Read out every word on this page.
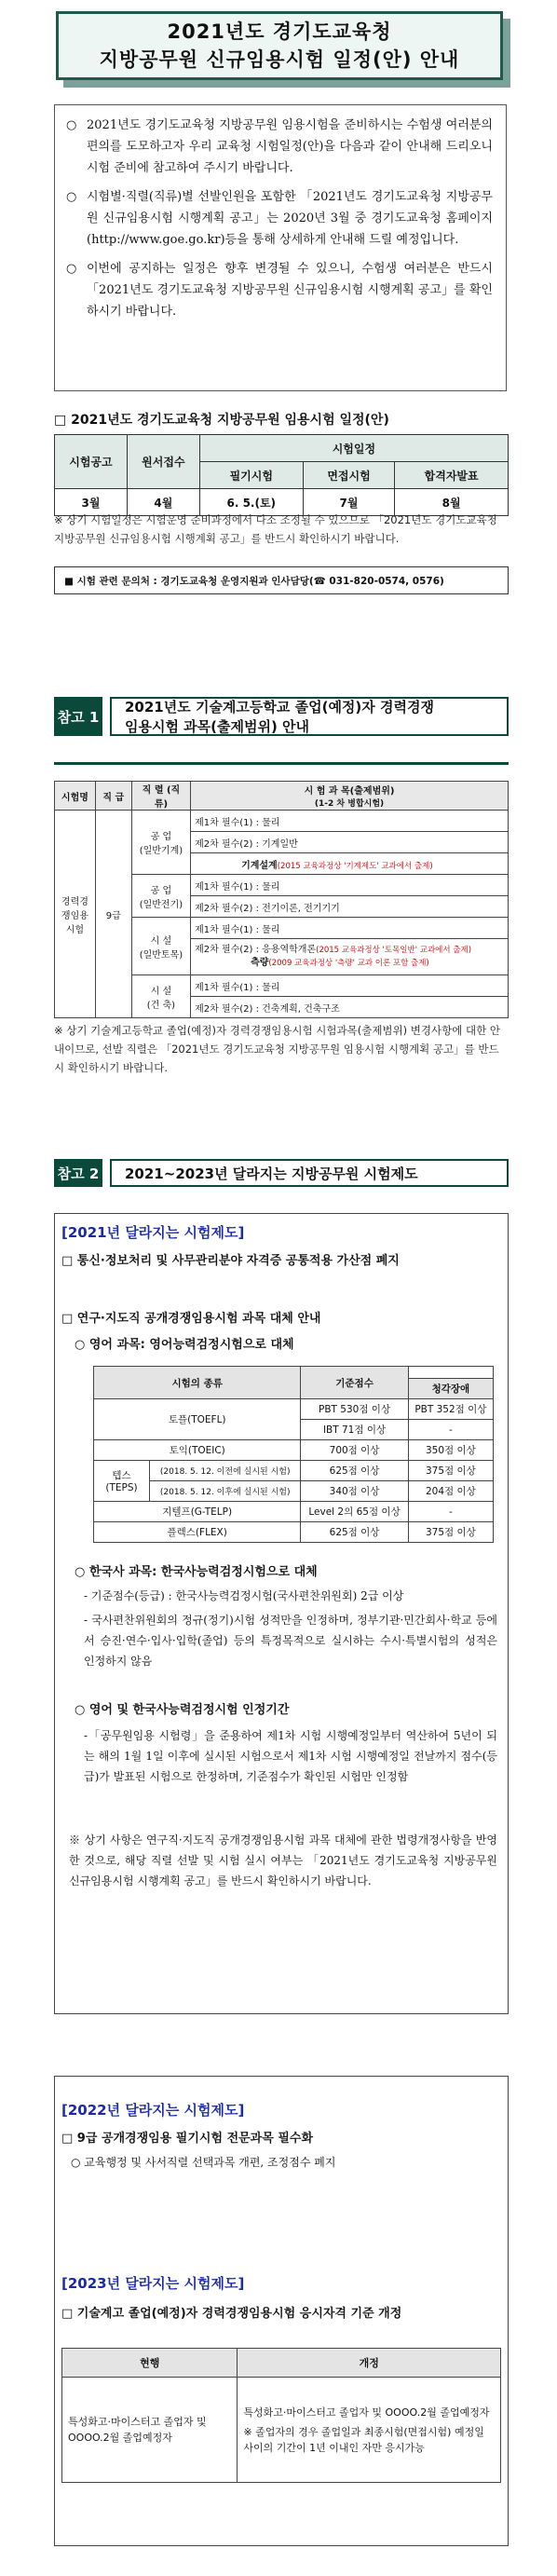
2021년도 경기도교육청
지방공무원 신규임용시험 일정(안) 안내
○ 2021년도 경기도교육청 지방공무원 임용시험을 준비하시는 수험생 여러분의 편의를 도모하고자 우리 교육청 시험일정(안)을 다음과 같이 안내해 드리오니 시험 준비에 참고하여 주시기 바랍니다.
○ 시험별·직렬(직류)별 선발인원을 포함한 「2021년도 경기도교육청 지방공무원 신규임용시험 시행계획 공고」는 2020년 3월 중 경기도교육청 홈페이지(http://www.goe.go.kr)등을 통해 상세하게 안내해 드릴 예정입니다.
○ 이번에 공지하는 일정은 향후 변경될 수 있으니, 수험생 여러분은 반드시 「2021년도 경기도교육청 지방공무원 신규임용시험 시행계획 공고」를 확인하시기 바랍니다.
□ 2021년도 경기도교육청 지방공무원 임용시험 일정(안)
시험공고	원서접수	시험일정		
		필기시험	면접시험	합격자발표
3월	4월	6. 5.(토)	7월	8월
※ 상기 시험일정은 시험운영 준비과정에서 다소 조정될 수 있으므로 「2021년도 경기도교육청 지방공무원 신규임용시험 시행계획 공고」를 반드시 확인하시기 바랍니다.
■ 시험 관련 문의처 : 경기도교육청 운영지원과 인사담당(☎ 031-820-0574, 0576)
참고 1
2021년도 기술계고등학교 졸업(예정)자 경력경쟁
임용시험 과목(출제범위) 안내
시험명	직 급	직 렬 (직 류)	시 험 과 목(출제범위)
(1-2 차 병합시험)
경력경쟁임용시험	9급	공 업
(일반기계)	제1차 필수(1) : 물리
			제2차 필수(2) : 기계일반
			기계설계(2015 교육과정상 '기계제도' 교과에서 출제)
		공 업
(일반전기)	제1차 필수(1) : 물리
			제2차 필수(2) : 전기이론, 전기기기
		시 설
(일반토목)	제1차 필수(1) : 물리
			제2차 필수(2) : 응용역학개론(2015 교육과정상 '토목일반' 교과에서 출제)
측량(2009 교육과정상 '측량' 교과 이론 포함 출제)
		시 설
(건 축)	제1차 필수(1) : 물리
			제2차 필수(2) : 건축계획, 건축구조
※ 상기 기술계고등학교 졸업(예정)자 경력경쟁임용시험 시험과목(출제범위) 변경사항에 대한 안내이므로, 선발 직렬은 「2021년도 경기도교육청 지방공무원 임용시험 시행계획 공고」를 반드시 확인하시기 바랍니다.
참고 2	2021~2023년 달라지는 지방공무원 시험제도
[2021년 달라지는 시험제도]
□ 통신·정보처리 및 사무관리분야 자격증 공통적용 가산점 폐지
□ 연구·지도직 공개경쟁임용시험 과목 대체 안내
○ 영어 과목: 영어능력검정시험으로 대체
시험의 종류		기준점수	
			청각장애
토플(TOEFL)		PBT 530점 이상	PBT 352점 이상
		IBT 71점 이상	-
토익(TOEIC)		700점 이상	350점 이상
텝스 (TEPS)	(2018. 5. 12. 이전에 실시된 시험)	625점 이상	375점 이상
	(2018. 5. 12. 이후에 실시된 시험)	340점 이상	204점 이상
지텔프(G-TELP)		Level 2의 65점 이상	-
플렉스(FLEX)		625점 이상	375점 이상
○ 한국사 과목: 한국사능력검정시험으로 대체
- 기준점수(등급) : 한국사능력검정시험(국사편찬위원회) 2급 이상
- 국사편찬위원회의 정규(정기)시험 성적만을 인정하며, 정부기관·민간회사·학교 등에서 승진·연수·입사·입학(졸업) 등의 특정목적으로 실시하는 수시·특별시험의 성적은 인정하지 않음
○ 영어 및 한국사능력검정시험 인정기간
-「공무원임용 시험령」을 준용하여 제1차 시험 시행예정일부터 역산하여 5년이 되는 해의 1월 1일 이후에 실시된 시험으로서 제1차 시험 시행예정일 전날까지 점수(등급)가 발표된 시험으로 한정하며, 기준점수가 확인된 시험만 인정함
※ 상기 사항은 연구직·지도직 공개경쟁임용시험 과목 대체에 관한 법령개정사항을 반영한 것으로, 해당 직렬 선발 및 시험 실시 여부는 「2021년도 경기도교육청 지방공무원 신규임용시험 시행계획 공고」를 반드시 확인하시기 바랍니다.
[2022년 달라지는 시험제도]
□ 9급 공개경쟁임용 필기시험 전문과목 필수화
○ 교육행정 및 사서직렬 선택과목 개편, 조정점수 폐지
[2023년 달라지는 시험제도]
□ 기술계고 졸업(예정)자 경력경쟁임용시험 응시자격 기준 개정
현행	개정
특성화고·마이스터고 졸업자 및 OOOO.2월 졸업예정자	특성화고·마이스터고 졸업자 및 OOOO.2월 졸업예정자
※ 졸업자의 경우 졸업일과 최종시험(면접시험) 예정일 사이의 기간이 1년 이내인 자만 응시가능
